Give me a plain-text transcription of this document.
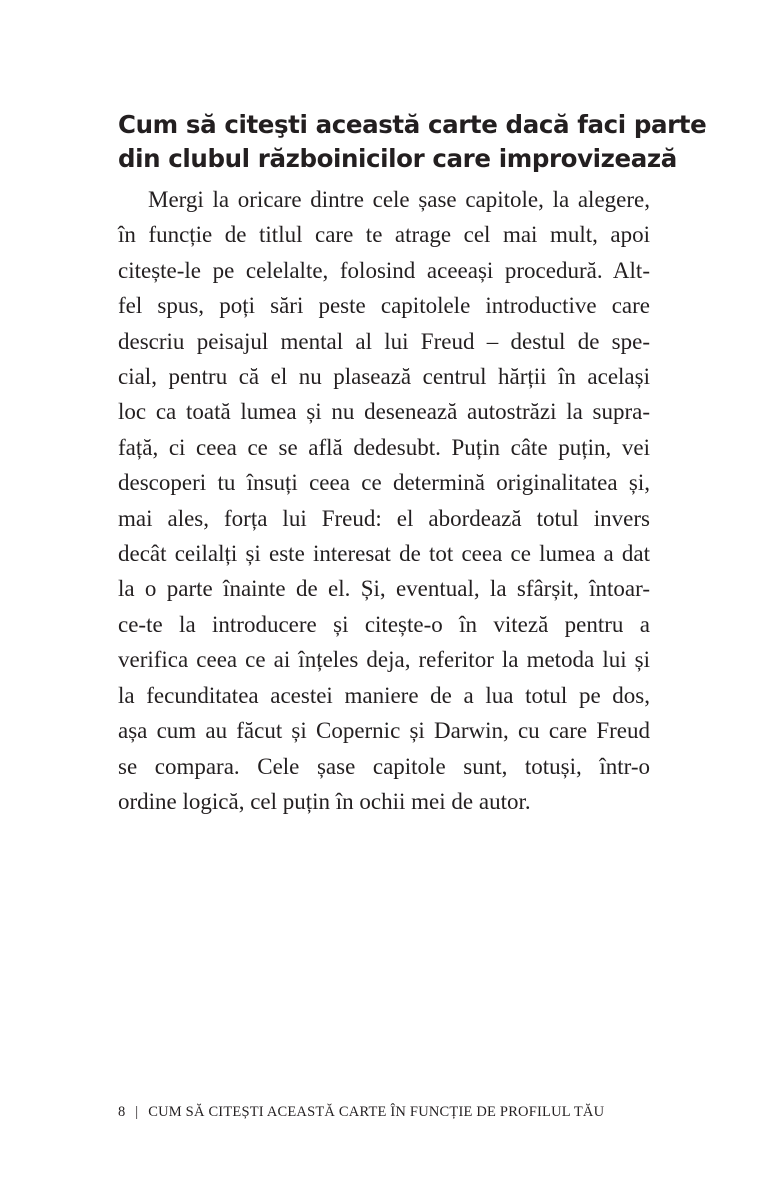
Cum să citeşti această carte dacă faci parte
din clubul războinicilor care improvizează
Mergi la oricare dintre cele șase capitole, la alegere,
în funcție de titlul care te atrage cel mai mult, apoi
citește-le pe celelalte, folosind aceeași procedură. Alt-
fel spus, poți sări peste capitolele introductive care
descriu peisajul mental al lui Freud – destul de spe-
cial, pentru că el nu plasează centrul hărții în același
loc ca toată lumea și nu desenează autostrăzi la supra-
față, ci ceea ce se află dedesubt. Puțin câte puțin, vei
descoperi tu însuți ceea ce determină originalitatea și,
mai ales, forța lui Freud: el abordează totul invers
decât ceilalți și este interesat de tot ceea ce lumea a dat
la o parte înainte de el. Și, eventual, la sfârșit, întoar-
ce-te la introducere și citește-o în viteză pentru a
verifica ceea ce ai înțeles deja, referitor la metoda lui și
la fecunditatea acestei maniere de a lua totul pe dos,
așa cum au făcut și Copernic și Darwin, cu care Freud
se compara. Cele șase capitole sunt, totuși, într-o
ordine logică, cel puțin în ochii mei de autor.
8 | CUM SĂ CITEȘTI ACEASTĂ CARTE ÎN FUNCȚIE DE PROFILUL TĂU
